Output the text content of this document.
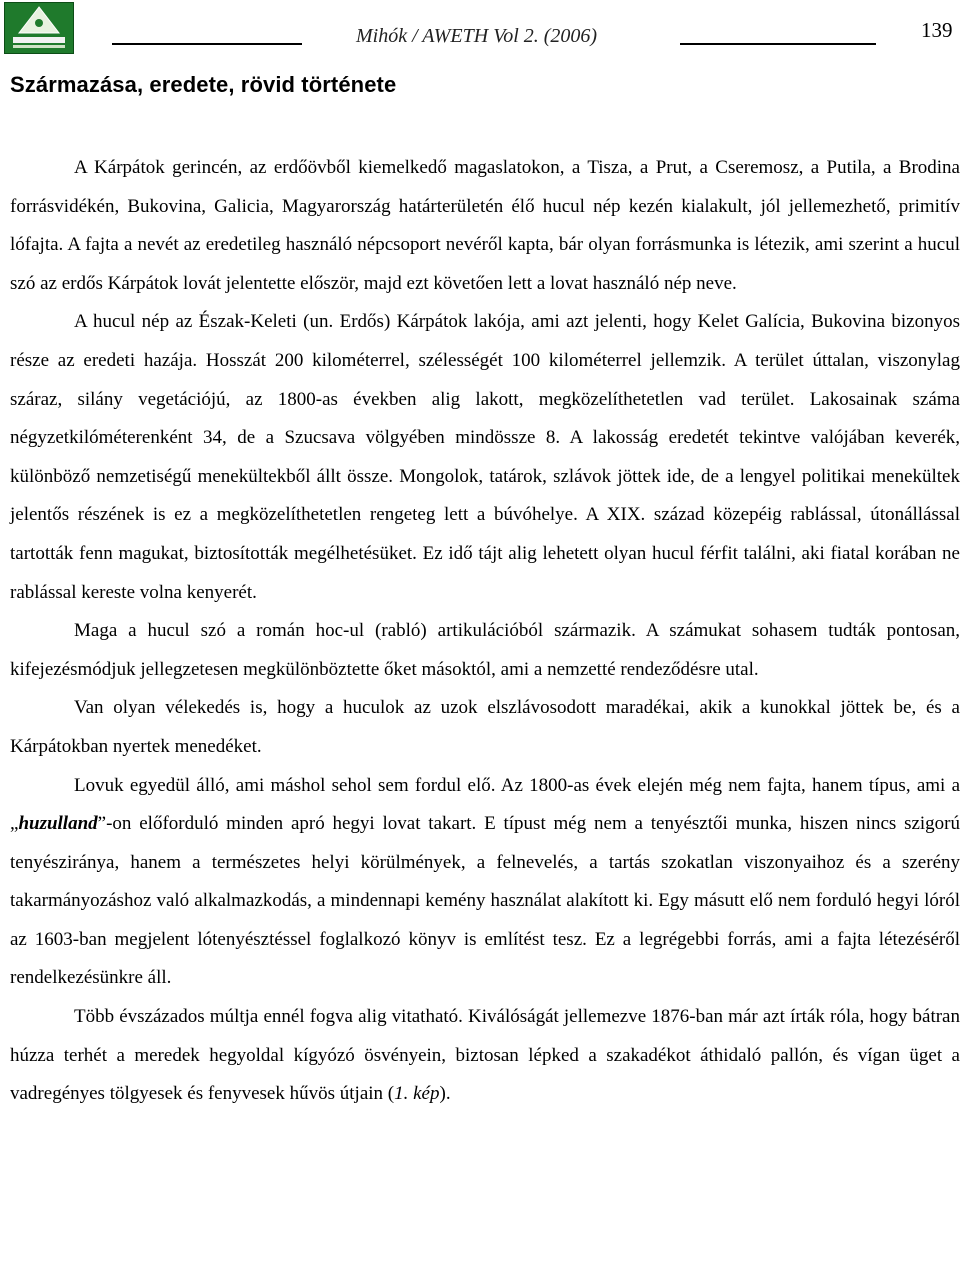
Mihók / AWETH Vol 2. (2006)	139
Származása, eredete, rövid története

A Kárpátok gerincén, az erdőövből kiemelkedő magaslatokon, a Tisza, a Prut, a Cseremosz, a Putila, a Brodina forrásvidékén, Bukovina, Galicia, Magyarország határterületén élő hucul nép kezén kialakult, jól jellemezhető, primitív lófajta. A fajta a nevét az eredetileg használó népcsoport nevéről kapta, bár olyan forrásmunka is létezik, ami szerint a hucul szó az erdős Kárpátok lovát jelentette először, majd ezt követően lett a lovat használó nép neve.

A hucul nép az Észak-Keleti (un. Erdős) Kárpátok lakója, ami azt jelenti, hogy Kelet Galícia, Bukovina bizonyos része az eredeti hazája. Hosszát 200 kilométerrel, szélességét 100 kilométerrel jellemzik. A terület úttalan, viszonylag száraz, silány vegetációjú, az 1800-as években alig lakott, megközelíthetetlen vad terület. Lakosainak száma négyzetkilóméterenként 34, de a Szucsava völgyében mindössze 8. A lakosság eredetét tekintve valójában keverék, különböző nemzetiségű menekültekből állt össze. Mongolok, tatárok, szlávok jöttek ide, de a lengyel politikai menekültek jelentős részének is ez a megközelíthetetlen rengeteg lett a búvóhelye. A XIX. század közepéig rablással, útonállással tartották fenn magukat, biztosították megélhetésüket. Ez idő tájt alig lehetett olyan hucul férfit találni, aki fiatal korában ne rablással kereste volna kenyerét.

Maga a hucul szó a román hoc-ul (rabló) artikulációból származik. A számukat sohasem tudták pontosan, kifejezésmódjuk jellegzetesen megkülönböztette őket másoktól, ami a nemzetté rendeződésre utal.

Van olyan vélekedés is, hogy a huculok az uzok elszlávosodott maradékai, akik a kunokkal jöttek be, és a Kárpátokban nyertek menedéket.

Lovuk egyedül álló, ami máshol sehol sem fordul elő. Az 1800-as évek elején még nem fajta, hanem típus, ami a „huzulland”-on előforduló minden apró hegyi lovat takart. E típust még nem a tenyésztői munka, hiszen nincs szigorú tenyésziránya, hanem a természetes helyi körülmények, a felnevelés, a tartás szokatlan viszonyaihoz és a szerény takarmányozáshoz való alkalmazkodás, a mindennapi kemény használat alakított ki. Egy másutt elő nem forduló hegyi lóról az 1603-ban megjelent lótenyésztéssel foglalkozó könyv is említést tesz. Ez a legrégebbi forrás, ami a fajta létezéséről rendelkezésünkre áll.

Több évszázados múltja ennél fogva alig vitatható. Kiválóságát jellemezve 1876-ban már azt írták róla, hogy bátran húzza terhét a meredek hegyoldal kígyózó ösvényein, biztosan lépked a szakadékot áthidaló pallón, és vígan üget a vadregényes tölgyesek és fenyvesek hűvös útjain (1. kép).
